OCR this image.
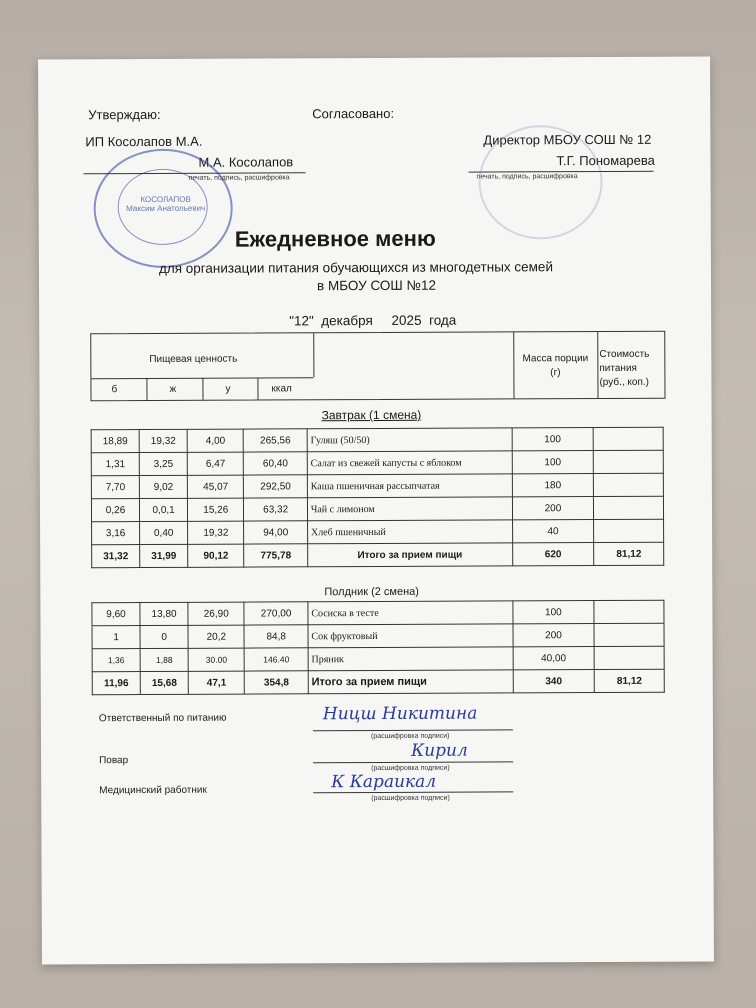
Утверждаю:	Согласовано:
ИП Косолапов М.А.
М.А. Косолапов
печать, подпись, расшифровка
Директор МБОУ СОШ № 12
Т.Г. Пономарева
печать, подпись, расшифровка
КОСОЛАПОВ Максим Анатольевич
Ежедневное меню
для организации питания обучающихся из многодетных семей
в МБОУ СОШ №12
"12"  декабря     2025  года
Пищевая ценность
б	ж	у	ккал
Масса порции (г)
Стоимость питания (руб., коп.)
Завтрак (1 смена)
18,89	19,32	4,00	265,56	Гуляш (50/50)	100	
1,31	3,25	6,47	60,40	Салат из свежей капусты с яблоком	100	
7,70	9,02	45,07	292,50	Каша пшеничная рассыпчатая	180	
0,26	0,0,1	15,26	63,32	Чай с лимоном	200	
3,16	0,40	19,32	94,00	Хлеб пшеничный	40	
31,32	31,99	90,12	775,78	Итого за прием пищи	620	81,12
Полдник (2 смена)
9,60	13,80	26,90	270,00	Сосиска в тесте	100	
1	0	20,2	84,8	Сок фруктовый	200	
1,36	1,88	30.00	146.40	Пряник	40,00	
11,96	15,68	47,1	354,8	Итого за прием пищи	340	81,12
Ответственный по питанию	Ницш Никитина
(расшифровка подписи)
Повар	Кирил
(расшифровка подписи)
Медицинский работник	К Караикал
(расшифровка подписи)
